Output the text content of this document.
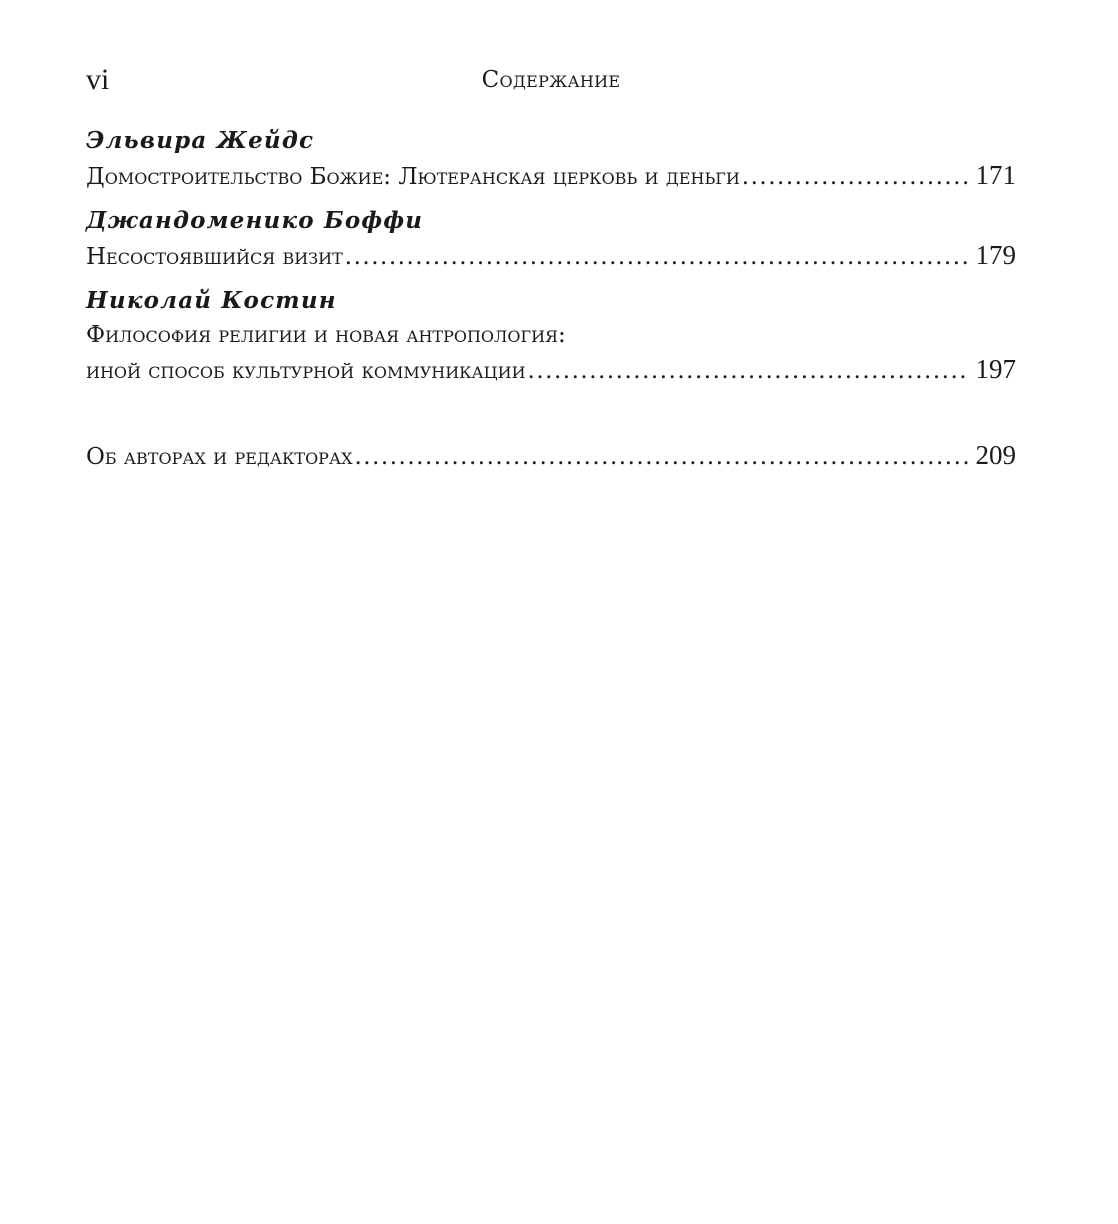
vi	Содержание
Эльвира Жейдс
Домостроительство Божие: Лютеранская церковь и деньги .....	171
Джандоменико Боффи
Несостоявшийся визит .....	179
Николай Костин
Философия религии и новая антропология:
иной способ культурной коммуникации .....	197
Об авторах и редакторах .....	209
